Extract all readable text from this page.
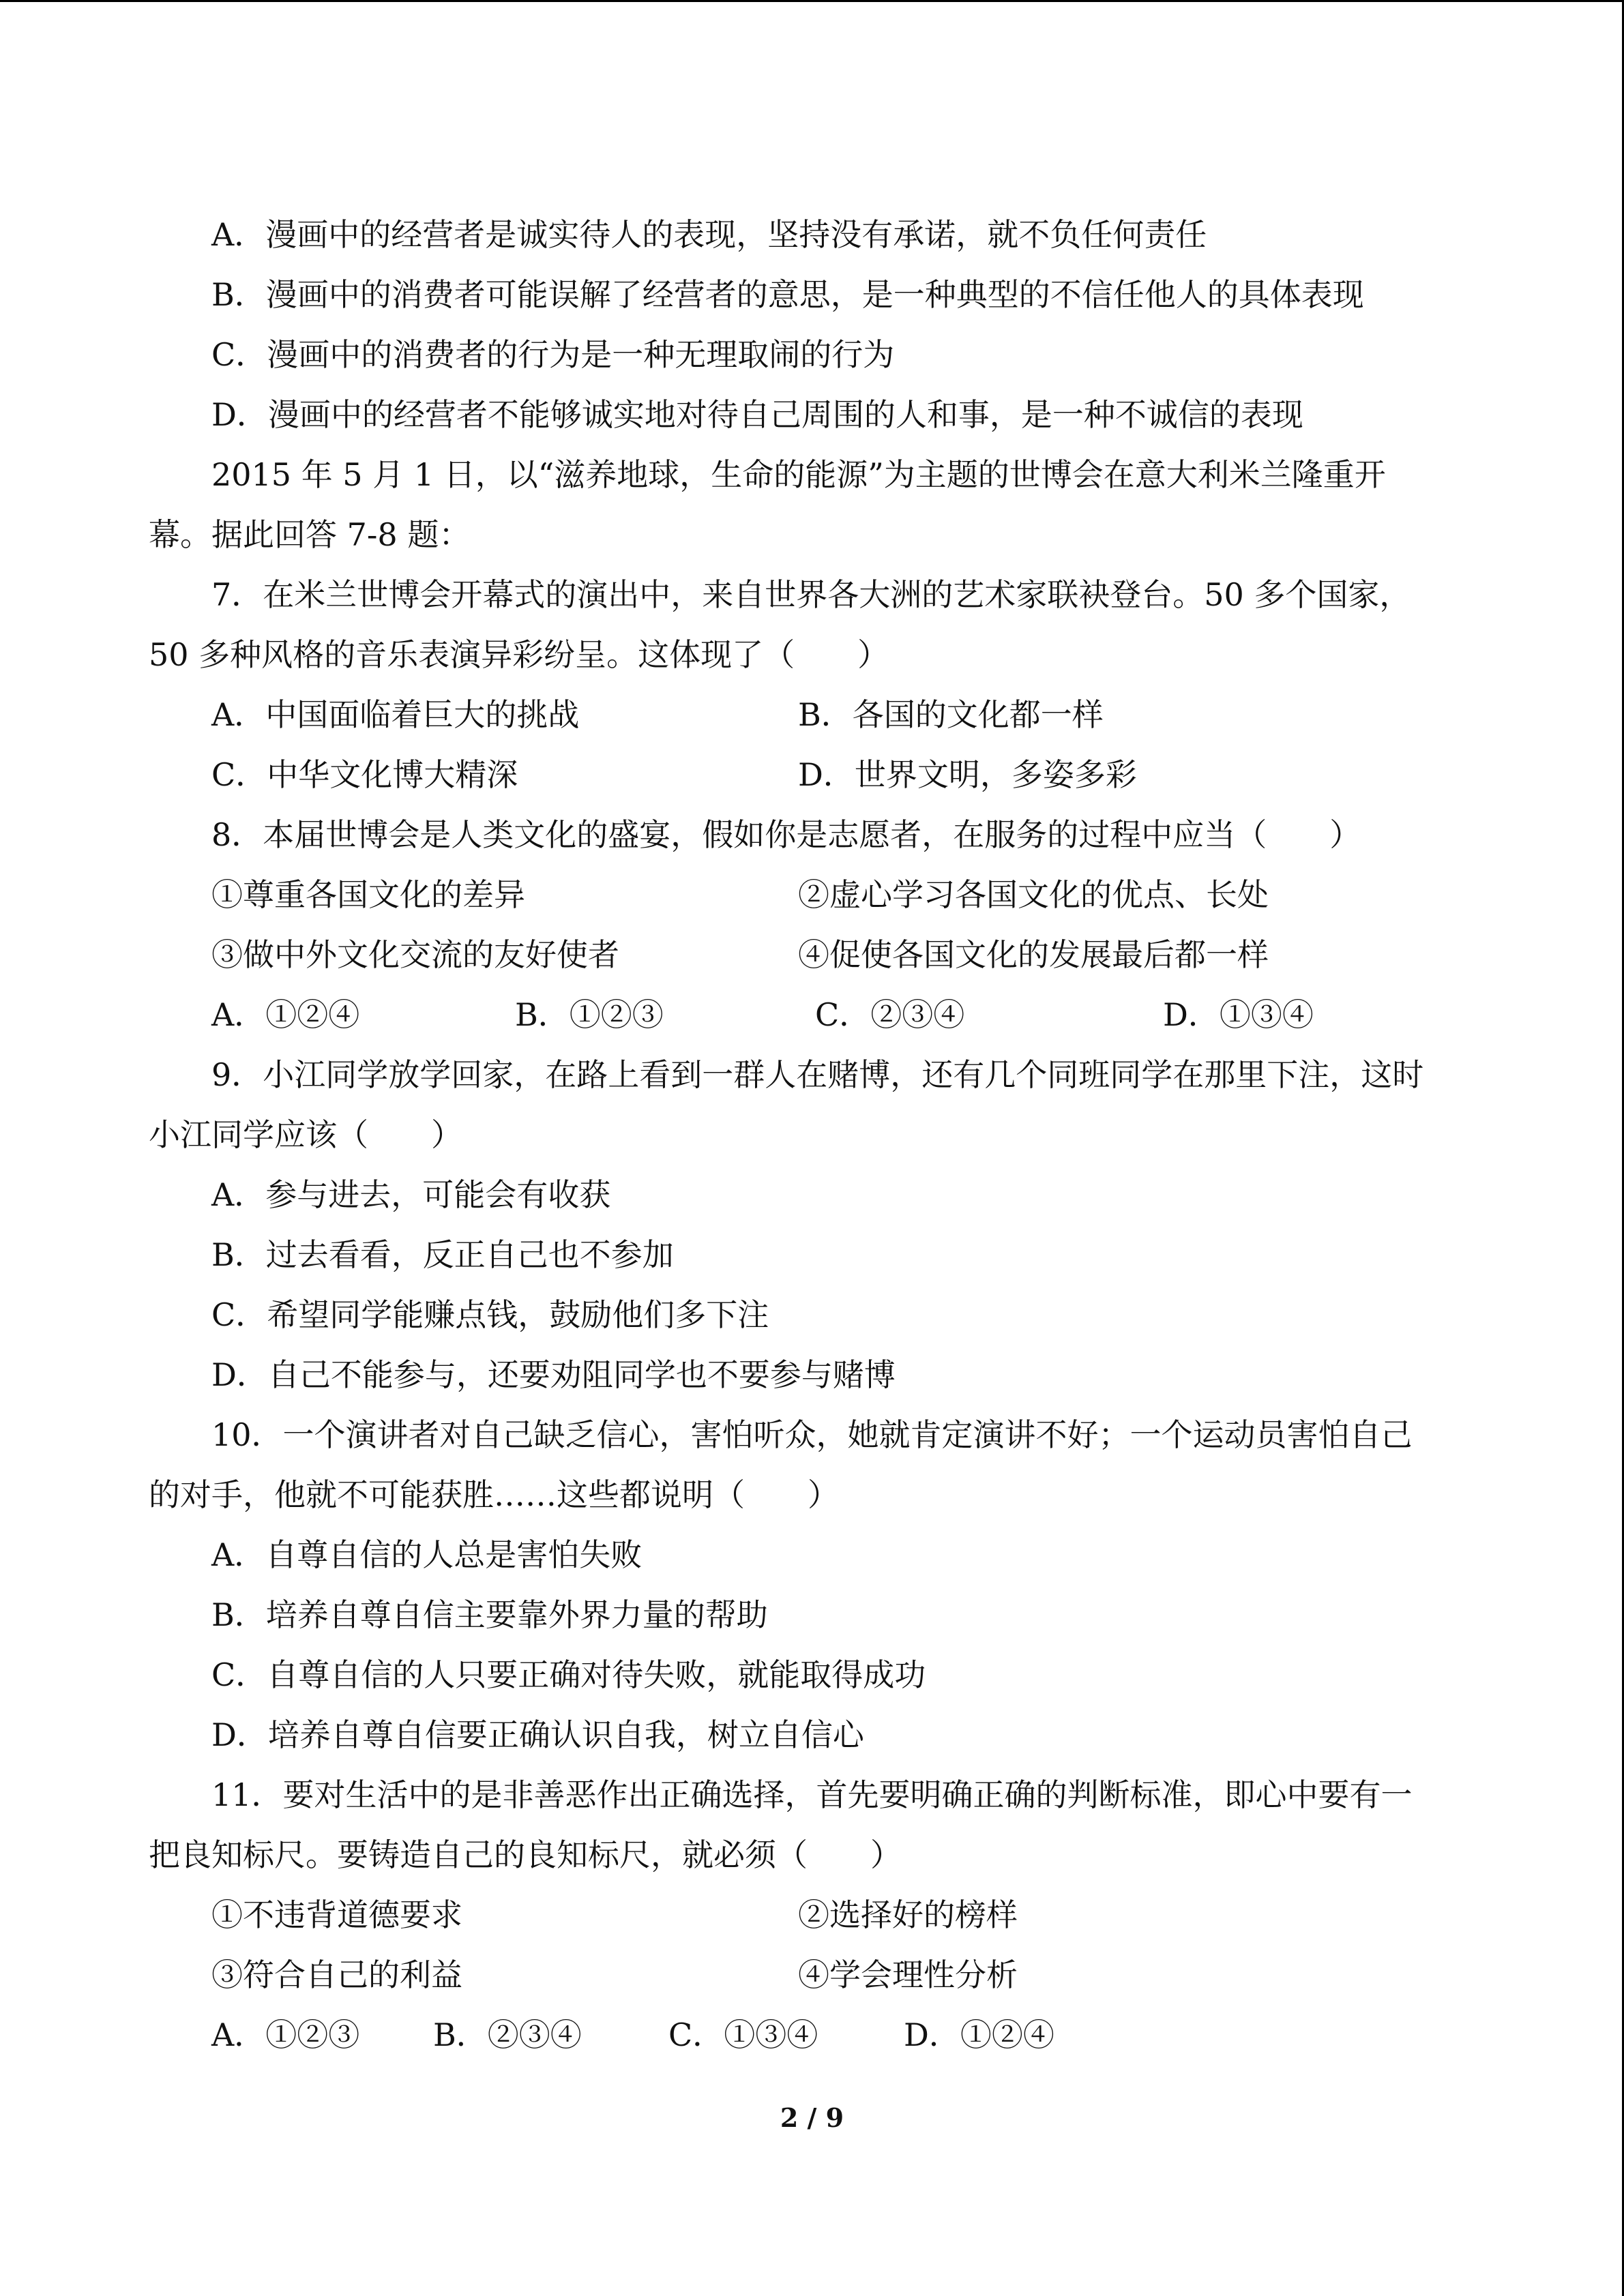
A．漫画中的经营者是诚实待人的表现，坚持没有承诺，就不负任何责任
B．漫画中的消费者可能误解了经营者的意思，是一种典型的不信任他人的具体表现
C．漫画中的消费者的行为是一种无理取闹的行为
D．漫画中的经营者不能够诚实地对待自己周围的人和事，是一种不诚信的表现
2015 年 5 月 1 日，以“滋养地球，生命的能源”为主题的世博会在意大利米兰隆重开
幕。据此回答 7-8 题：
7．在米兰世博会开幕式的演出中，来自世界各大洲的艺术家联袂登台。50 多个国家，
50 多种风格的音乐表演异彩纷呈。这体现了（　　）
A．中国面临着巨大的挑战	B．各国的文化都一样
C．中华文化博大精深	D．世界文明，多姿多彩
8．本届世博会是人类文化的盛宴，假如你是志愿者，在服务的过程中应当（　　）
①尊重各国文化的差异	②虚心学习各国文化的优点、长处
③做中外文化交流的友好使者	④促使各国文化的发展最后都一样
A．①②④	B．①②③	C．②③④	D．①③④
9．小江同学放学回家，在路上看到一群人在赌博，还有几个同班同学在那里下注，这时
小江同学应该（　　）
A．参与进去，可能会有收获
B．过去看看，反正自己也不参加
C．希望同学能赚点钱，鼓励他们多下注
D．自己不能参与，还要劝阻同学也不要参与赌博
10．一个演讲者对自己缺乏信心，害怕听众，她就肯定演讲不好；一个运动员害怕自己
的对手，他就不可能获胜……这些都说明（　　）
A．自尊自信的人总是害怕失败
B．培养自尊自信主要靠外界力量的帮助
C．自尊自信的人只要正确对待失败，就能取得成功
D．培养自尊自信要正确认识自我，树立自信心
11．要对生活中的是非善恶作出正确选择，首先要明确正确的判断标准，即心中要有一
把良知标尺。要铸造自己的良知标尺，就必须（　　）
①不违背道德要求	②选择好的榜样
③符合自己的利益	④学会理性分析
A．①②③	B．②③④	C．①③④	D．①②④
2 / 9
